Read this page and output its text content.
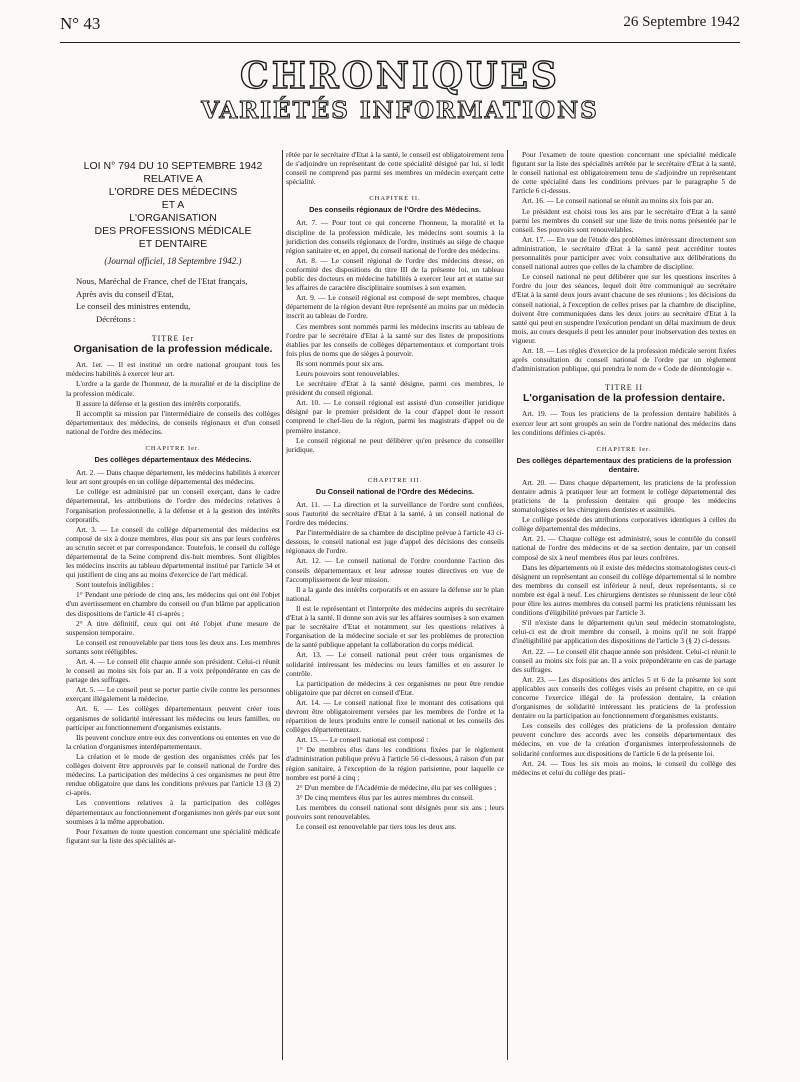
N° 43	26 Septembre 1942
CHRONIQUES
VARIÉTÉS INFORMATIONS
LOI N° 794 DU 10 SEPTEMBRE 1942
RELATIVE A
L'ORDRE DES MÉDECINS
ET A
L'ORGANISATION
DES PROFESSIONS MÉDICALE
ET DENTAIRE
(Journal officiel, 18 Septembre 1942.)
Nous, Maréchal de France, chef de l'Etat français,
Après avis du conseil d'Etat,
Le conseil des ministres entendu,
Décrétons :
TITRE Ier
Organisation de la profession médicale.

Art. 1er. — Il est institué un ordre national groupant tous les médecins habilités à exercer leur art.

L'ordre a la garde de l'honneur, de la moralité et de la discipline de la profession médicale.

Il assure la défense et la gestion des intérêts corporatifs.

Il accomplit sa mission par l'intermédiaire de conseils des collèges départementaux des médecins, de conseils régionaux et d'un conseil national de l'ordre des médecins.

CHAPITRE Ier.
Des collèges départementaux des Médecins.

Art. 2. — Dans chaque département, les médecins habilités à exercer leur art sont groupés en un collège départemental des médecins.

Le collège est administré par un conseil exerçant, dans le cadre départemental, les attributions de l'ordre des médecins relatives à l'organisation professionnelle, à la défense et à la gestion des intérêts corporatifs.

Art. 3. — Le conseil du collège départemental des médecins est composé de six à douze membres, élus pour six ans par leurs confrères au scrutin secret et par correspondance. Toutefois, le conseil du collège départemental de la Seine comprend dix-huit membres. Sont éligibles les médecins inscrits au tableau départemental institué par l'article 34 et qui justifient de cinq ans au moins d'exercice de l'art médical.

Sont toutefois inéligibles :

1° Pendant une période de cinq ans, les médecins qui ont été l'objet d'un avertissement en chambre du conseil ou d'un blâme par application des dispositions de l'article 41 ci-après ;

2° A titre définitif, ceux qui ont été l'objet d'une mesure de suspension temporaire.

Le conseil est renouvelable par tiers tous les deux ans. Les membres sortants sont rééligibles.

Art. 4. — Le conseil élit chaque année son président. Celui-ci réunit le conseil au moins six fois par an. Il a voix prépondérante en cas de partage des suffrages.

Art. 5. — Le conseil peut se porter partie civile contre les personnes exerçant illégalement la médecine.

Art. 6. — Les collèges départementaux peuvent créer tous organismes de solidarité intéressant les médecins ou leurs familles, ou participer au fonctionnement d'organismes existants.

Ils peuvent conclure entre eux des conventions ou ententes en vue de la création d'organismes interdépartementaux.

La création et le mode de gestion des organismes créés par les collèges doivent être approuvés par le conseil national de l'ordre des médecins. La participation des médecins à ces organismes ne peut être rendue obligatoire que dans les conditions prévues par l'article 13 (§ 2) ci-après.

Les conventions relatives à la participation des collèges départementaux au fonctionnement d'organismes non gérés par eux sont soumises à la même approbation.

Pour l'examen de toute question concernant une spécialité médicale figurant sur la liste des spécialités ar-

rêtée par le secrétaire d'Etat à la santé, le conseil est obligatoirement tenu de s'adjoindre un représentant de cette spécialité désigné par lui, si ledit conseil ne comprend pas parmi ses membres un médecin exerçant cette spécialité.

CHAPITRE II.
Des conseils régionaux de l'Ordre des Médecins.

Art. 7. — Pour tout ce qui concerne l'honneur, la moralité et la discipline de la profession médicale, les médecins sont soumis à la juridiction des conseils régionaux de l'ordre, institués au siège de chaque région sanitaire et, en appel, du conseil national de l'ordre des médecins.

Art. 8. — Le conseil régional de l'ordre des médecins dresse, en conformité des dispositions du titre III de la présente loi, un tableau public des docteurs en médecine habilités à exercer leur art et statue sur les affaires de caractère disciplinaire soumises à son examen.

Art. 9. — Le conseil régional est composé de sept membres, chaque département de la région devant être représenté au moins par un médecin inscrit au tableau de l'ordre.

Ces membres sont nommés parmi les médecins inscrits au tableau de l'ordre par le secrétaire d'Etat à la santé sur des listes de propositions établies par les conseils de collèges départementaux et comportant trois fois plus de noms que de sièges à pourvoir.

Ils sont nommés pour six ans.

Leurs pouvoirs sont renouvelables.

Le secrétaire d'Etat à la santé désigne, parmi ces membres, le président du conseil régional.

Art. 10. — Le conseil régional est assisté d'un conseiller juridique désigné par le premier président de la cour d'appel dont le ressort comprend le chef-lieu de la région, parmi les magistrats d'appel ou de première instance.

Le conseil régional ne peut délibérer qu'en présence du conseiller juridique.

CHAPITRE III.
Du Conseil national de l'Ordre des Médecins.

Art. 11. — La direction et la surveillance de l'ordre sont confiées, sous l'autorité du secrétaire d'Etat à la santé, à un conseil national de l'ordre des médecins.

Par l'intermédiaire de sa chambre de discipline prévue à l'article 43 ci-dessous, le conseil national est juge d'appel des décisions des conseils régionaux de l'ordre.

Art. 12. — Le conseil national de l'ordre coordonne l'action des conseils départementaux et leur adresse toutes directives en vue de l'accomplissement de leur mission.

Il a la garde des intérêts corporatifs et en assure la défense sur le plan national.

Il est le représentant et l'interprète des médecins auprès du secrétaire d'Etat à la santé. Il donne son avis sur les affaires soumises à son examen par le secrétaire d'Etat et notamment sur les questions relatives à l'organisation de la médecine sociale et sur les problèmes de protection de la santé publique appelant la collaboration du corps médical.

Art. 13. — Le conseil national peut créer tous organismes de solidarité intéressant les médecins ou leurs familles et en assurer le contrôle.

La participation de médecins à ces organismes ne peut être rendue obligatoire que par décret en conseil d'Etat.

Art. 14. — Le conseil national fixe le montant des cotisations qui devront être obligatoirement versées par les membres de l'ordre et la répartition de leurs produits entre le conseil national et les conseils des collèges départementaux.

Art. 15. — Le conseil national est composé :

1° De membres élus dans les conditions fixées par le règlement d'administration publique prévu à l'article 56 ci-dessous, à raison d'un par région sanitaire, à l'exception de la région parisienne, pour laquelle ce nombre est porté à cinq ;

2° D'un membre de l'Académie de médecine, élu par ses collègues ;

3° De cinq membres élus par les autres membres du conseil.

Les membres du conseil national sont désignés pour six ans ; leurs pouvoirs sont renouvelables.

Le conseil est renouvelable par tiers tous les deux ans.

Pour l'examen de toute question concernant une spécialité médicale figurant sur la liste des spécialités arrêtée par le secrétaire d'Etat à la santé, le conseil national est obligatoirement tenu de s'adjoindre un représentant de cette spécialité dans les conditions prévues par le paragraphe 5 de l'article 6 ci-dessus.

Art. 16. — Le conseil national se réunit au moins six fois par an.

Le président est choisi tous les ans par le secrétaire d'Etat à la santé parmi les membres du conseil sur une liste de trois noms présentée par le conseil. Ses pouvoirs sont renouvelables.

Art. 17. — En vue de l'étude des problèmes intéressant directement son administration, le secrétaire d'Etat à la santé peut accréditer toutes personnalités pour participer avec voix consultative aux délibérations du conseil national autres que celles de la chambre de discipline.

Le conseil national ne peut délibérer que sur les questions inscrites à l'ordre du jour des séances, lequel doit être communiqué au secrétaire d'Etat à la santé deux jours avant chacune de ses réunions ; les décisions du conseil national, à l'exception de celles prises par la chambre de discipline, doivent être communiquées dans les deux jours au secrétaire d'Etat à la santé qui peut en suspendre l'exécution pendant un délai maximum de deux mois, au cours desquels il peut les annuler pour inobservation des textes en vigueur.

Art. 18. — Les règles d'exercice de la profession médicale seront fixées après consultation du conseil national de l'ordre par un règlement d'administration publique, qui prendra le nom de « Code de déontologie ».

TITRE II
L'organisation de la profession dentaire.

Art. 19. — Tous les praticiens de la profession dentaire habilités à exercer leur art sont groupés au sein de l'ordre national des médecins dans les conditions définies ci-après.

CHAPITRE Ier.
Des collèges départementaux des praticiens de la profession dentaire.

Art. 20. — Dans chaque département, les praticiens de la profession dentaire admis à pratiquer leur art forment le collège départemental des praticiens de la profession dentaire qui groupe les médecins stomatologistes et les chirurgiens dentistes et assimilés.

Le collège possède des attributions corporatives identiques à celles du collège départemental des médecins.

Art. 21. — Chaque collège est administré, sous le contrôle du conseil national de l'ordre des médecins et de sa section dentaire, par un conseil composé de six à neuf membres élus par leurs confrères.

Dans les départements où il existe des médecins stomatologistes ceux-ci désignent un représentant au conseil du collège départemental si le nombre des membres du conseil est inférieur à neuf, deux représentants, si ce nombre est égal à neuf. Les chirurgiens dentistes se réunissent de leur côté pour élire les autres membres du conseil parmi les praticiens réunissant les conditions d'éligibilité prévues par l'article 3.

S'il n'existe dans le département qu'un seul médecin stomatologiste, celui-ci est de droit membre du conseil, à moins qu'il ne soit frappé d'inéligibilité par application des dispositions de l'article 3 (§ 2) ci-dessus.

Art. 22. — Le conseil élit chaque année son président. Celui-ci réunit le conseil au moins six fois par an. Il a voix prépondérante en cas de partage des suffrages.

Art. 23. — Les dispositions des articles 5 et 6 de la présente loi sont applicables aux conseils des collèges visés au présent chapitre, en ce qui concerne l'exercice illégal de la profession dentaire, la création d'organismes de solidarité intéressant les praticiens de la profession dentaire ou la participation au fonctionnement d'organismes existants.

Les conseils des collèges des praticiens de la profession dentaire peuvent conclure des accords avec les conseils départementaux des médecins, en vue de la création d'organismes interprofessionnels de solidarité conformes aux dispositions de l'article 6 de la présente loi.

Art. 24. — Tous les six mois au moins, le conseil du collège des médecins et celui du collège des prati-
